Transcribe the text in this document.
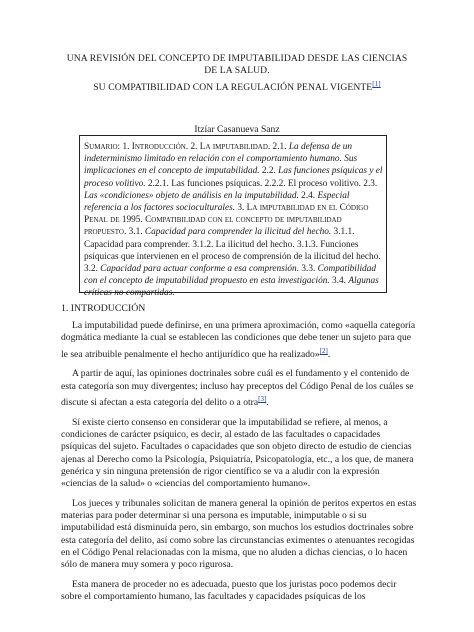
UNA REVISIÓN DEL CONCEPTO DE IMPUTABILIDAD DESDE LAS CIENCIAS
DE LA SALUD.
SU COMPATIBILIDAD CON LA REGULACIÓN PENAL VIGENTE[1]
Itzíar Casanueva Sanz
Sumario: 1. Introducción. 2. La imputabilidad. 2.1. La defensa de un indeterminismo limitado en relación con el comportamiento humano. Sus implicaciones en el concepto de imputabilidad. 2.2. Las funciones psíquicas y el proceso volitivo. 2.2.1. Las funciones psíquicas. 2.2.2. El proceso volitivo. 2.3. Las «condiciones» objeto de análisis en la imputabilidad. 2.4. Especial referencia a los factores socioculturales. 3. La imputabilidad en el Código Penal de 1995. Compatibilidad con el concepto de imputabilidad propuesto. 3.1. Capacidad para comprender la ilicitud del hecho. 3.1.1. Capacidad para comprender. 3.1.2. La ilicitud del hecho. 3.1.3. Funciones psíquicas que intervienen en el proceso de comprensión de la ilicitud del hecho. 3.2. Capacidad para actuar conforme a esa comprensión. 3.3. Compatibilidad con el concepto de imputabilidad propuesto en esta investigación. 3.4. Algunas críticas no compartidas.
1. INTRODUCCIÓN

La imputabilidad puede definirse, en una primera aproximación, como «aquella categoría dogmática mediante la cual se establecen las condiciones que debe tener un sujeto para que le sea atribuible penalmente el hecho antijurídico que ha realizado»[2].

A partir de aquí, las opiniones doctrinales sobre cuál es el fundamento y el contenido de esta categoría son muy divergentes; incluso hay preceptos del Código Penal de los cuáles se discute si afectan a esta categoría del delito o a otra[3].

Sí existe cierto consenso en considerar que la imputabilidad se refiere, al menos, a condiciones de carácter psíquico, es decir, al estado de las facultades o capacidades psíquicas del sujeto. Facultades o capacidades que son objeto directo de estudio de ciencias ajenas al Derecho como la Psicología, Psiquiatría, Psicopatología, etc., a los que, de manera genérica y sin ninguna pretensión de rigor científico se va a aludir con la expresión «ciencias de la salud» o «ciencias del comportamiento humano».

Los jueces y tribunales solicitan de manera general la opinión de peritos expertos en estas materias para poder determinar si una persona es imputable, inimputable o si su imputabilidad está disminuida pero, sin embargo, son muchos los estudios doctrinales sobre esta categoría del delito, así como sobre las circunstancias eximentes o atenuantes recogidas en el Código Penal relacionadas con la misma, que no aluden a dichas ciencias, o lo hacen sólo de manera muy somera y poco rigurosa.

Esta manera de proceder no es adecuada, puesto que los juristas poco podemos decir sobre el comportamiento humano, las facultades y capacidades psíquicas de los
